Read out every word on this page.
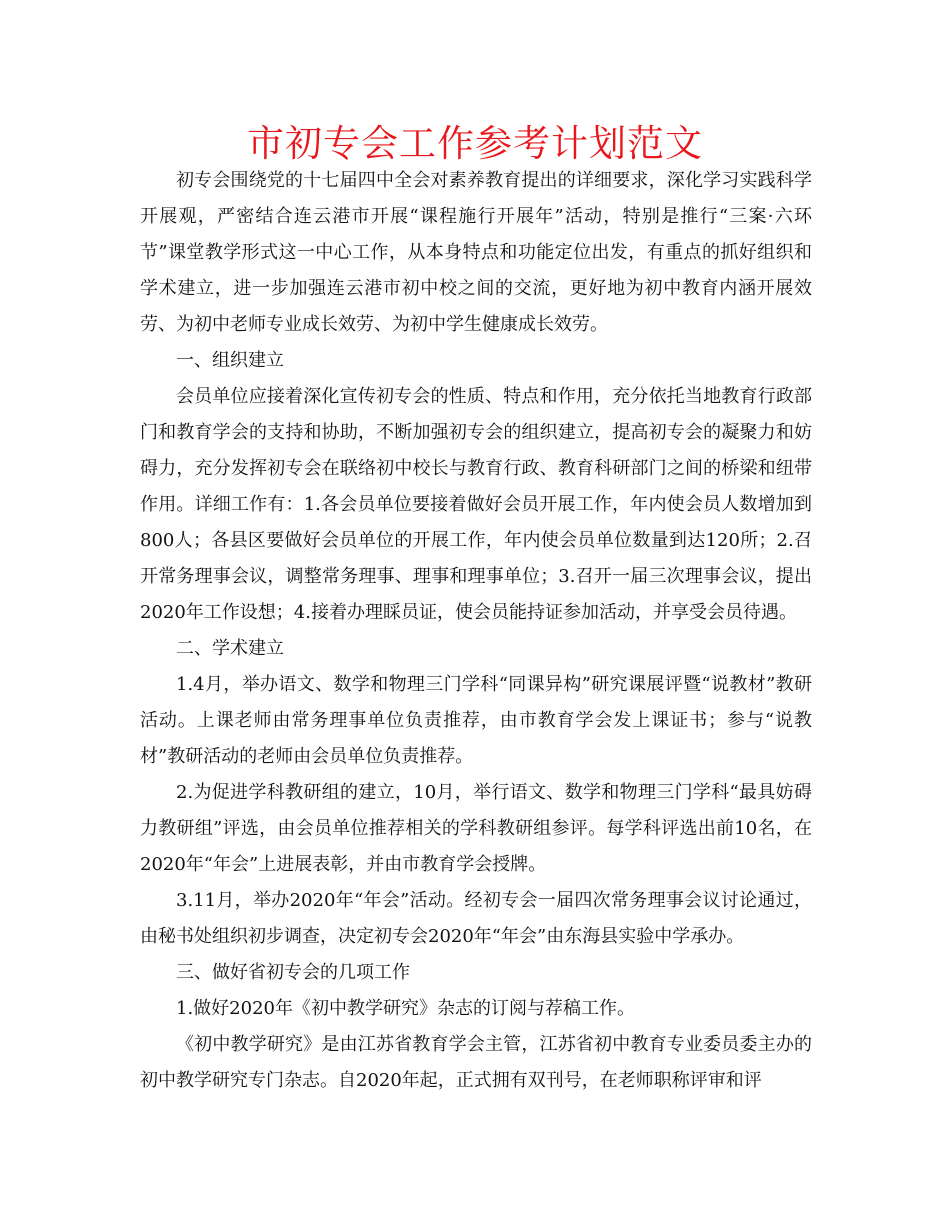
市初专会工作参考计划范文

初专会围绕党的十七届四中全会对素养教育提出的详细要求，深化学习实践科学开展观，严密结合连云港市开展“课程施行开展年”活动，特别是推行“三案·六环节”课堂教学形式这一中心工作，从本身特点和功能定位出发，有重点的抓好组织和学术建立，进一步加强连云港市初中校之间的交流，更好地为初中教育内涵开展效劳、为初中老师专业成长效劳、为初中学生健康成长效劳。

一、组织建立

会员单位应接着深化宣传初专会的性质、特点和作用，充分依托当地教育行政部门和教育学会的支持和协助，不断加强初专会的组织建立，提高初专会的凝聚力和妨碍力，充分发挥初专会在联络初中校长与教育行政、教育科研部门之间的桥梁和纽带作用。详细工作有：1.各会员单位要接着做好会员开展工作，年内使会员人数增加到800人；各县区要做好会员单位的开展工作，年内使会员单位数量到达120所；2.召开常务理事会议，调整常务理事、理事和理事单位；3.召开一届三次理事会议，提出2020年工作设想；4.接着办理睬员证，使会员能持证参加活动，并享受会员待遇。

二、学术建立

1.4月，举办语文、数学和物理三门学科“同课异构”研究课展评暨“说教材”教研活动。上课老师由常务理事单位负责推荐，由市教育学会发上课证书；参与“说教材”教研活动的老师由会员单位负责推荐。

2.为促进学科教研组的建立，10月，举行语文、数学和物理三门学科“最具妨碍力教研组”评选，由会员单位推荐相关的学科教研组参评。每学科评选出前10名，在2020年“年会”上进展表彰，并由市教育学会授牌。

3.11月，举办2020年“年会”活动。经初专会一届四次常务理事会议讨论通过，由秘书处组织初步调查，决定初专会2020年“年会”由东海县实验中学承办。

三、做好省初专会的几项工作

1.做好2020年《初中教学研究》杂志的订阅与荐稿工作。

《初中教学研究》是由江苏省教育学会主管，江苏省初中教育专业委员委主办的初中教学研究专门杂志。自2020年起，正式拥有双刊号，在老师职称评审和评
